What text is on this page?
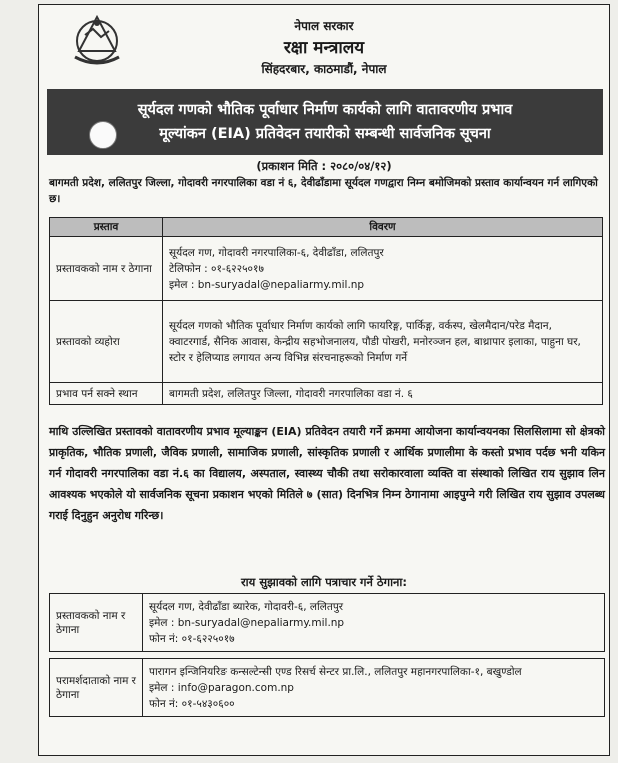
नेपाल सरकार
रक्षा मन्त्रालय
सिंहदरबार, काठमाडौं, नेपाल
सूर्यदल गणको भौतिक पूर्वाधार निर्माण कार्यको लागि वातावरणीय प्रभाव
मूल्यांकन (EIA) प्रतिवेदन तयारीको सम्बन्धी सार्वजनिक सूचना
(प्रकाशन मिति : २०८०/०४/१२)
बागमती प्रदेश, ललितपुर जिल्ला, गोदावरी नगरपालिका वडा नं ६, देवीढाँडामा सूर्यदल गणद्वारा निम्न बमोजिमको प्रस्ताव कार्यान्वयन गर्न लागिएको छ।
प्रस्ताव	विवरण
प्रस्तावकको नाम र ठेगाना	सूर्यदल गण, गोदावरी नगरपालिका-६, देवीढाँडा, ललितपुर
टेलिफोन : ०१-६२२५०१७
इमेल : bn-suryadal@nepaliarmy.mil.np

प्रस्तावको व्यहोरा	सूर्यदल गणको भौतिक पूर्वाधार निर्माण कार्यको लागि फायरिङ्ग, पार्किङ्ग, वर्कस्प, खेलमैदान/परेड मैदान, क्वाटरगार्ड, सैनिक आवास, केन्द्रीय सहभोजनालय, पौडी पोखरी, मनोरञ्जन हल, बाथ्रापार इलाका, पाहुना घर, स्टोर र हेलिप्याड लगायत अन्य विभिन्न संरचनाहरूको निर्माण गर्ने

प्रभाव पर्न सक्ने स्थान	बागमती प्रदेश, ललितपुर जिल्ला, गोदावरी नगरपालिका वडा नं. ६
माथि उल्लिखित प्रस्तावको वातावरणीय प्रभाव मूल्याङ्कन (EIA) प्रतिवेदन तयारी गर्ने क्रममा आयोजना कार्यान्वयनका सिलसिलामा सो क्षेत्रको प्राकृतिक, भौतिक प्रणाली, जैविक प्रणाली, सामाजिक प्रणाली, सांस्कृतिक प्रणाली र आर्थिक प्रणालीमा के कस्तो प्रभाव पर्दछ भनी यकिन गर्न गोदावरी नगरपालिका वडा नं.६ का विद्यालय, अस्पताल, स्वास्थ्य चौकी तथा सरोकारवाला व्यक्ति वा संस्थाको लिखित राय सुझाव लिन आवश्यक भएकोले यो सार्वजनिक सूचना प्रकाशन भएको मितिले ७ (सात) दिनभित्र निम्न ठेगानामा आइपुग्ने गरी लिखित राय सुझाव उपलब्ध गराई दिनुहुन अनुरोध गरिन्छ।
राय सुझावको लागि पत्राचार गर्ने ठेगाना:
प्रस्तावकको नाम र ठेगाना	सूर्यदल गण, देवीढाँडा ब्यारेक, गोदावरी-६, ललितपुर
इमेल : bn-suryadal@nepaliarmy.mil.np
फोन नं: ०१-६२२५०१७

परामर्शदाताको नाम र ठेगाना	पारागन इन्जिनियरिङ कन्सल्टेन्सी एण्ड रिसर्च सेन्टर प्रा.लि., ललितपुर महानगरपालिका-१, बखुण्डोल
इमेल : info@paragon.com.np
फोन नं: ०१-५४३०६००
